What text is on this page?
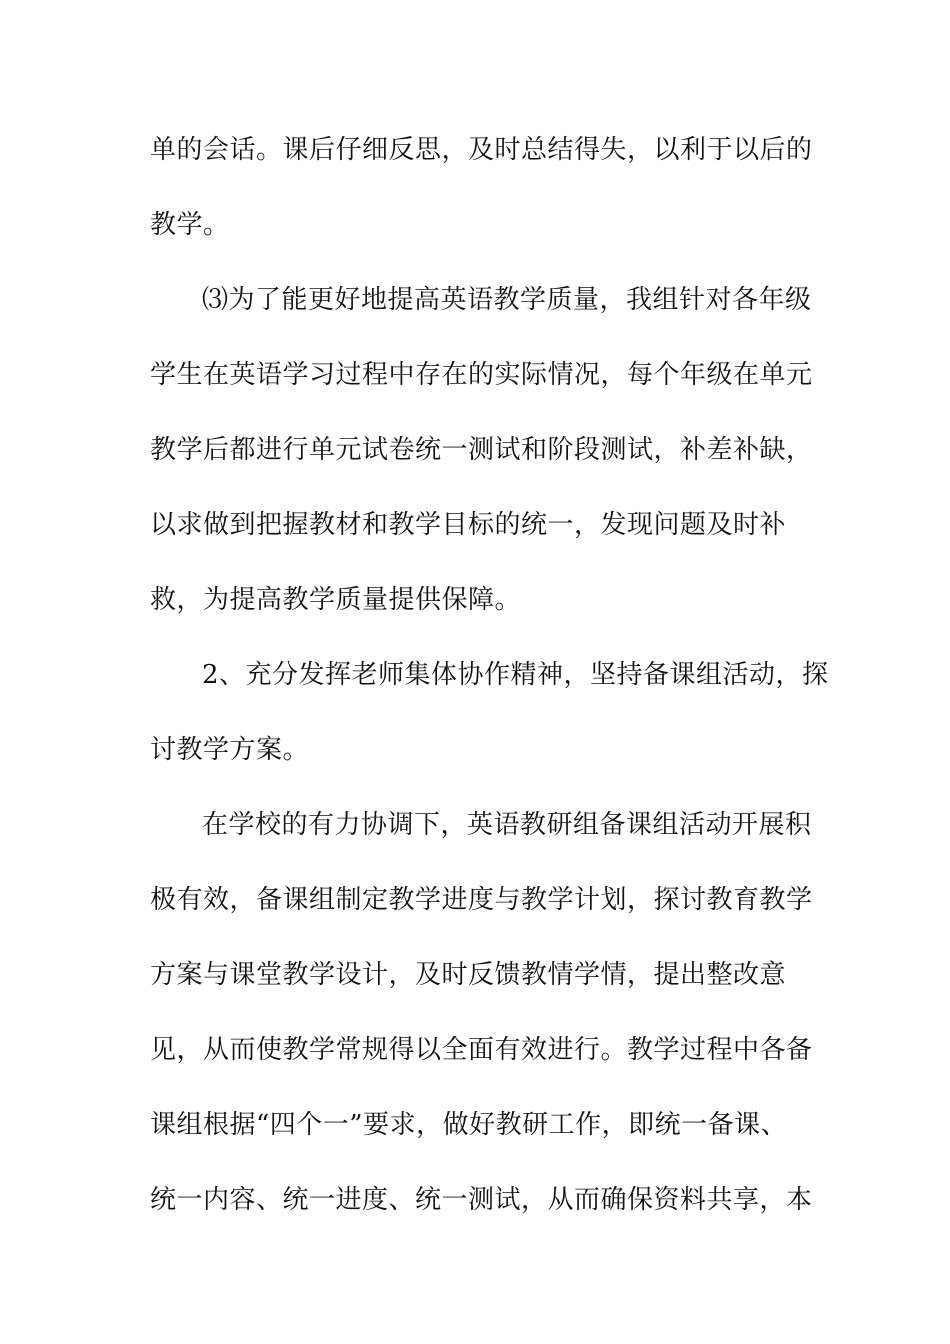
单的会话。课后仔细反思，及时总结得失，以利于以后的
教学。
⑶为了能更好地提高英语教学质量，我组针对各年级
学生在英语学习过程中存在的实际情况，每个年级在单元
教学后都进行单元试卷统一测试和阶段测试，补差补缺，
以求做到把握教材和教学目标的统一，发现问题及时补
救，为提高教学质量提供保障。
2、充分发挥老师集体协作精神，坚持备课组活动，探
讨教学方案。
在学校的有力协调下，英语教研组备课组活动开展积
极有效，备课组制定教学进度与教学计划，探讨教育教学
方案与课堂教学设计，及时反馈教情学情，提出整改意
见，从而使教学常规得以全面有效进行。教学过程中各备
课组根据“四个一”要求，做好教研工作，即统一备课、
统一内容、统一进度、统一测试，从而确保资料共享，本
